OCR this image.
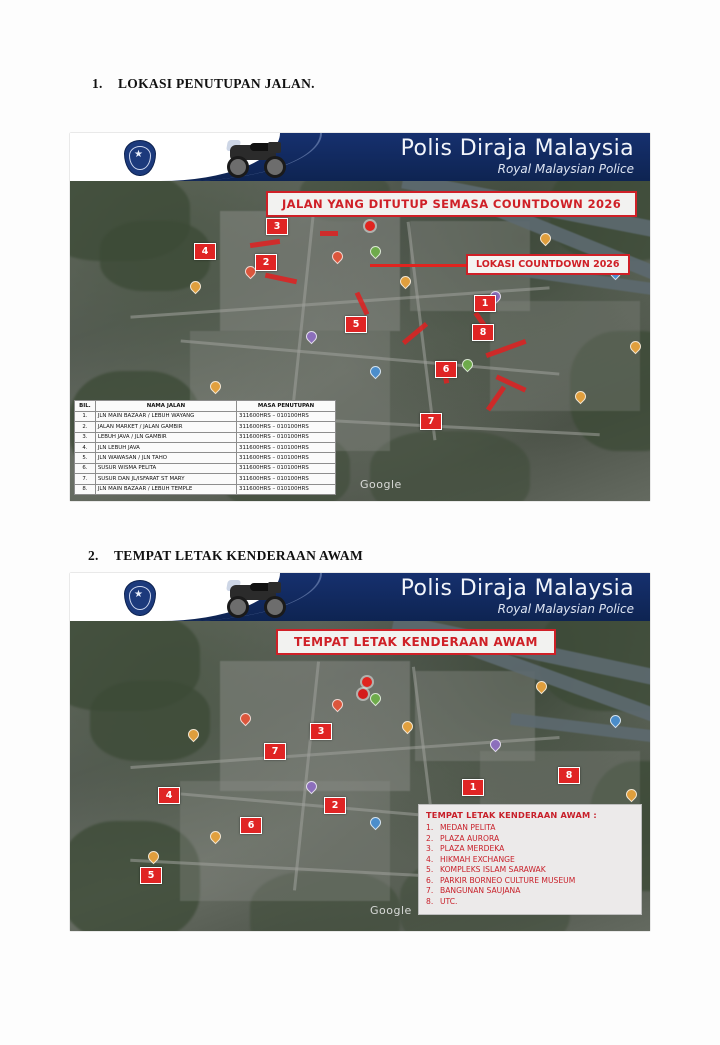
1. LOKASI PENUTUPAN JALAN.
★	Polis Diraja Malaysia
Royal Malaysian Police
JALAN YANG DITUTUP SEMASA COUNTDOWN 2026
LOKASI COUNTDOWN 2026
1
2
3
4
5
6
7
8
Google
BIL.	NAMA JALAN	MASA PENUTUPAN
1.	JLN MAIN BAZAAR / LEBUH WAYANG	311600HRS – 010100HRS
2.	JALAN MARKET / JALAN GAMBIR	311600HRS – 010100HRS
3.	LEBUH JAVA / JLN GAMBIR	311600HRS – 010100HRS
4.	JLN LEBUH JAVA	311600HRS – 010100HRS
5.	JLN WAWASAN / JLN TAHO	311600HRS – 010100HRS
6.	SUSUR WISMA PELITA	311600HRS – 010100HRS
7.	SUSUR DAN JL/ISFARAT ST MARY	311600HRS – 010100HRS
8.	JLN MAIN BAZAAR / LEBUH TEMPLE	311600HRS – 010100HRS

2. TEMPAT LETAK KENDERAAN AWAM
★	Polis Diraja Malaysia
Royal Malaysian Police
TEMPAT LETAK KENDERAAN AWAM
1
2
3
4
5
6
7
8
Google
TEMPAT LETAK KENDERAAN AWAM :
1. MEDAN PELITA
2. PLAZA AURORA
3. PLAZA MERDEKA
4. HIKMAH EXCHANGE
5. KOMPLEKS ISLAM SARAWAK
6. PARKIR BORNEO CULTURE MUSEUM
7. BANGUNAN SAUJANA
8. UTC.
